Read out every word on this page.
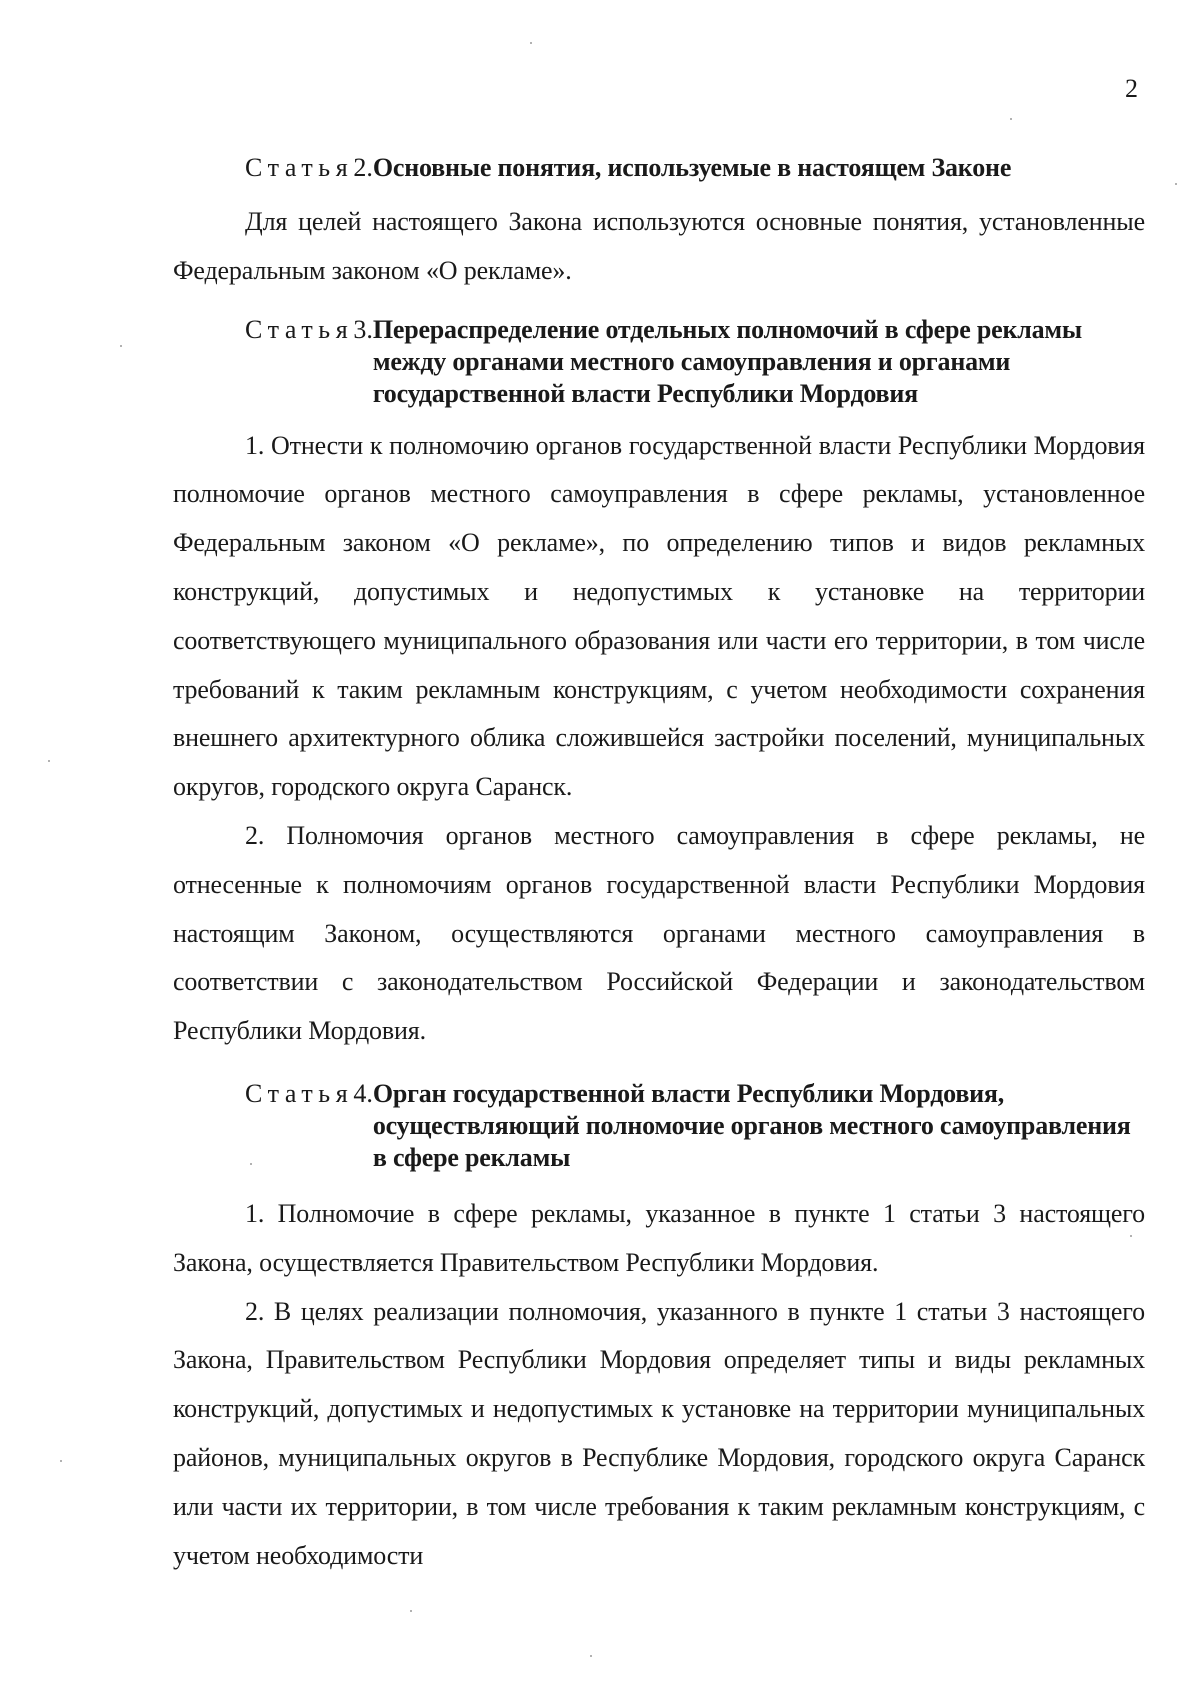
2
Статья 2. Основные понятия, используемые в настоящем Законе

Для целей настоящего Закона используются основные понятия, установленные Федеральным законом «О рекламе».

Статья 3. Перераспределение отдельных полномочий в сфере рекламы между органами местного самоуправления и органами государственной власти Республики Мордовия

1. Отнести к полномочию органов государственной власти Республики Мордовия полномочие органов местного самоуправления в сфере рекламы, установленное Федеральным законом «О рекламе», по определению типов и видов рекламных конструкций, допустимых и недопустимых к установке на территории соответствующего муниципального образования или части его территории, в том числе требований к таким рекламным конструкциям, с учетом необходимости сохранения внешнего архитектурного облика сложившейся застройки поселений, муниципальных округов, городского округа Саранск.

2. Полномочия органов местного самоуправления в сфере рекламы, не отнесенные к полномочиям органов государственной власти Республики Мордовия настоящим Законом, осуществляются органами местного самоуправления в соответствии с законодательством Российской Федерации и законодательством Республики Мордовия.

Статья 4. Орган государственной власти Республики Мордовия, осуществляющий полномочие органов местного самоуправления в сфере рекламы

1. Полномочие в сфере рекламы, указанное в пункте 1 статьи 3 настоящего Закона, осуществляется Правительством Республики Мордовия.

2. В целях реализации полномочия, указанного в пункте 1 статьи 3 настоящего Закона, Правительством Республики Мордовия определяет типы и виды рекламных конструкций, допустимых и недопустимых к установке на территории муниципальных районов, муниципальных округов в Республике Мордовия, городского округа Саранск или части их территории, в том числе требования к таким рекламным конструкциям, с учетом необходимости
